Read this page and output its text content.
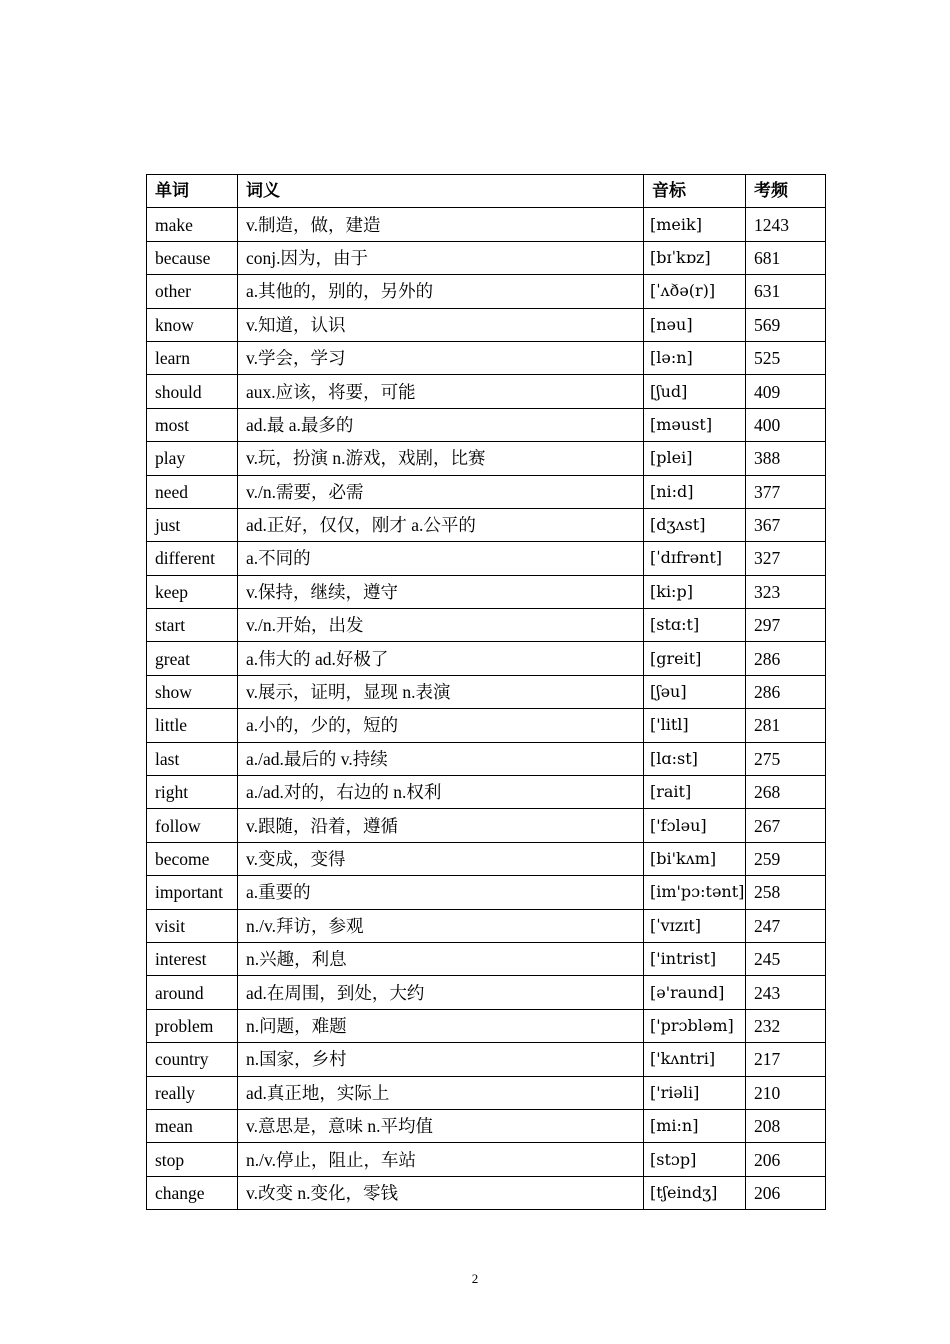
单词	词义	音标	考频
make	v.制造，做，建造	[meik]	1243
because	conj.因为，由于	[bɪˈkɒz]	681
other	a.其他的，别的，另外的	[ˈʌðə(r)]	631
know	v.知道，认识	[nəu]	569
learn	v.学会，学习	[lə:n]	525
should	aux.应该，将要，可能	[ʃud]	409
most	ad.最 a.最多的	[məust]	400
play	v.玩，扮演 n.游戏，戏剧，比赛	[plei]	388
need	v./n.需要，必需	[ni:d]	377
just	ad.正好，仅仅，刚才 a.公平的	[dʒʌst]	367
different	a.不同的	[ˈdɪfrənt]	327
keep	v.保持，继续，遵守	[ki:p]	323
start	v./n.开始，出发	[stɑ:t]	297
great	a.伟大的 ad.好极了	[greit]	286
show	v.展示，证明，显现 n.表演	[ʃəu]	286
little	a.小的，少的，短的	['litl]	281
last	a./ad.最后的 v.持续	[lɑ:st]	275
right	a./ad.对的，右边的 n.权利	[rait]	268
follow	v.跟随，沿着，遵循	['fɔləu]	267
become	v.变成，变得	[bi'kʌm]	259
important	a.重要的	[im'pɔ:tənt]	258
visit	n./v.拜访，参观	[ˈvɪzɪt]	247
interest	n.兴趣，利息	['intrist]	245
around	ad.在周围，到处，大约	[ə'raund]	243
problem	n.问题，难题	['prɔbləm]	232
country	n.国家，乡村	['kʌntri]	217
really	ad.真正地，实际上	['riəli]	210
mean	v.意思是，意味 n.平均值	[mi:n]	208
stop	n./v.停止，阻止，车站	[stɔp]	206
change	v.改变 n.变化，零钱	[tʃeindʒ]	206
2
